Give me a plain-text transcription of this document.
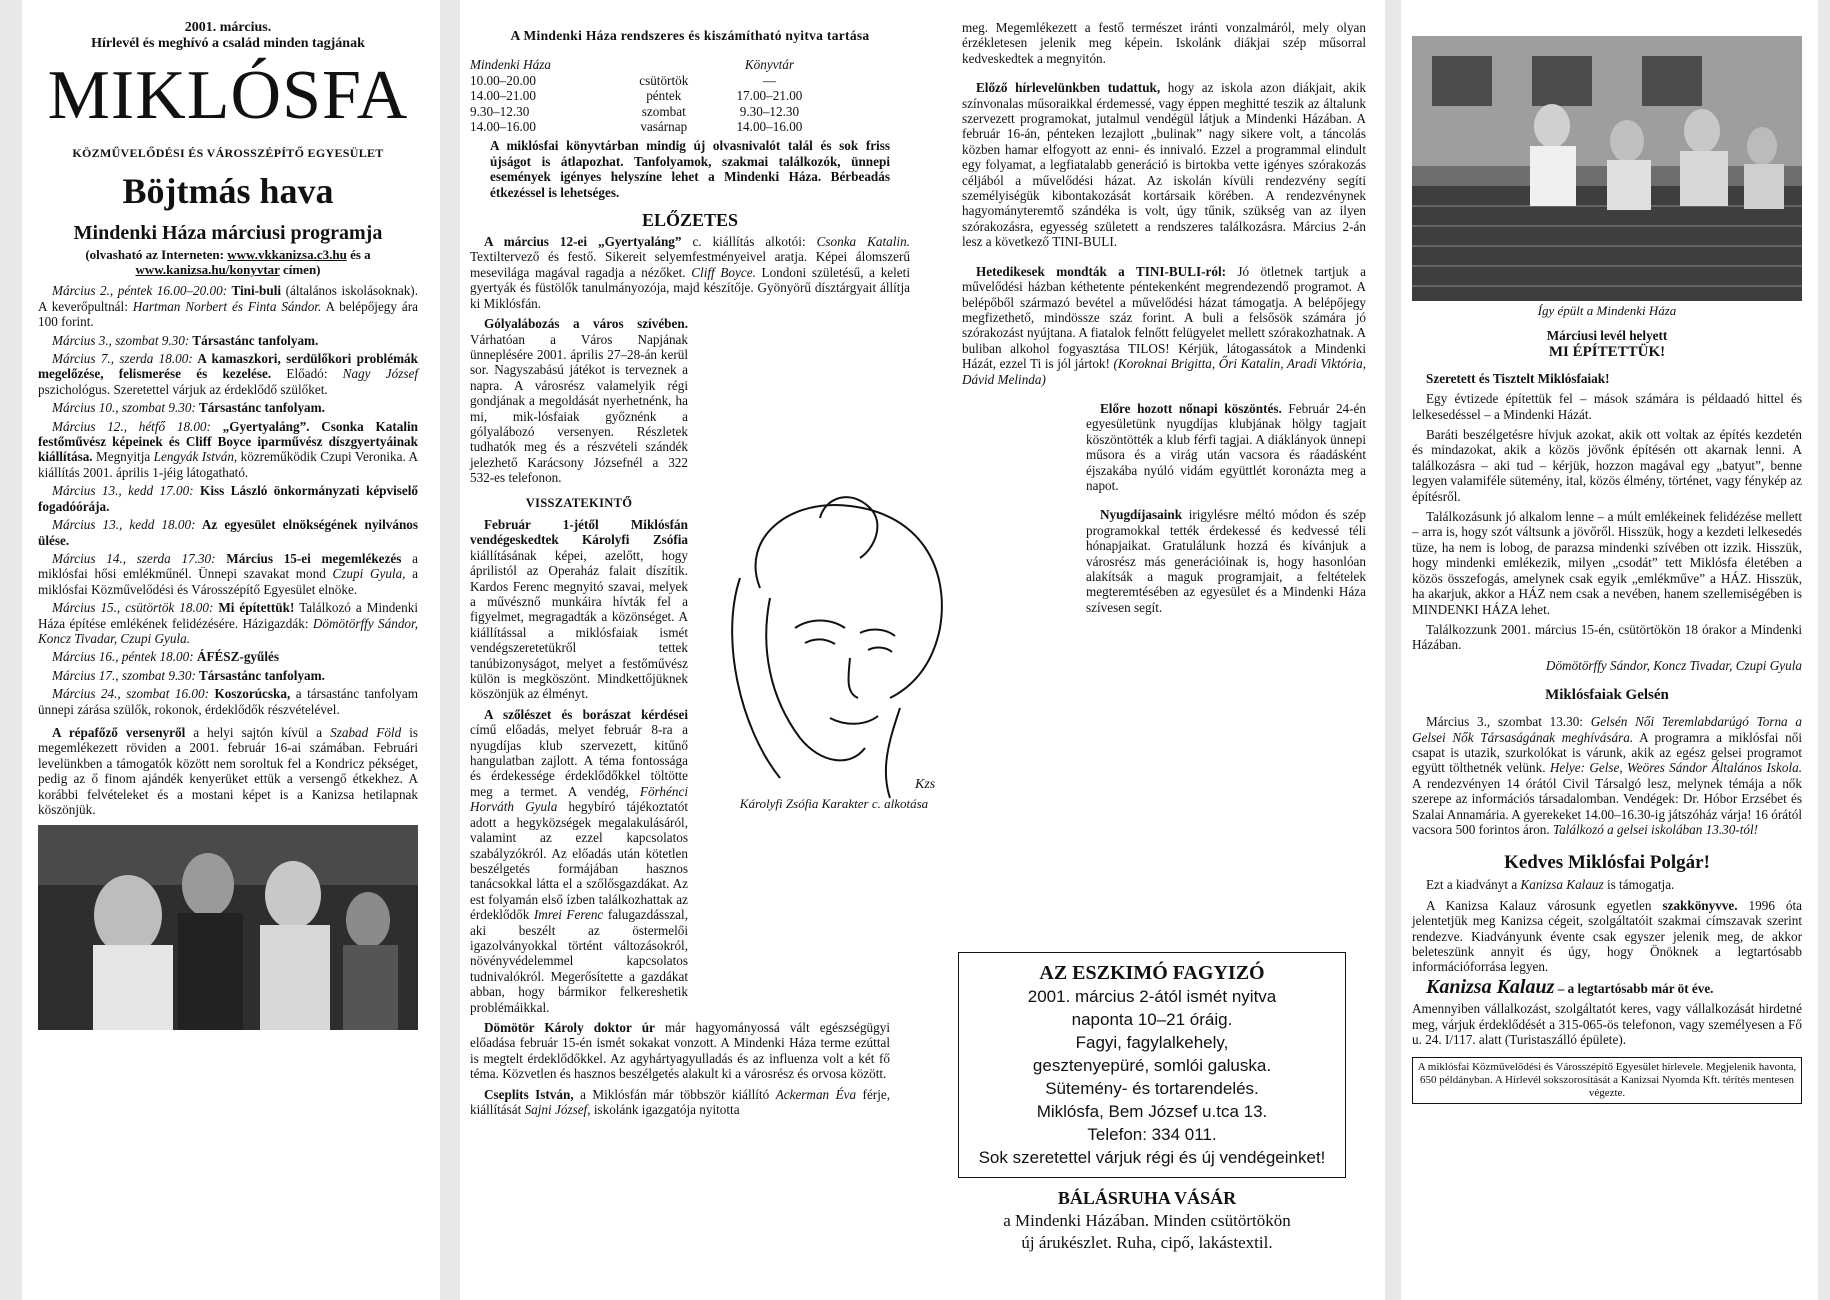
2001. március.
Hírlevél és meghívó a család minden tagjának
MIKLÓSFA
KÖZMŰVELŐDÉSI ÉS VÁROSSZÉPÍTŐ EGYESÜLET
Böjtmás hava
Mindenki Háza márciusi programja
(olvasható az Interneten: www.vkkanizsa.c3.hu és a
www.kanizsa.hu/konyvtar címen)

Március 2., péntek 16.00–20.00: Tini-buli (általános iskolásoknak). A keverőpultnál: Hartman Norbert és Finta Sándor. A belépőjegy ára 100 forint.

Március 3., szombat 9.30: Társastánc tanfolyam.

Március 7., szerda 18.00: A kamaszkori, serdülőkori problémák megelőzése, felismerése és kezelése. Előadó: Nagy József pszichológus. Szeretettel várjuk az érdeklődő szülőket.

Március 10., szombat 9.30: Társastánc tanfolyam.

Március 12., hétfő 18.00: „Gyertyaláng”. Csonka Katalin festőművész képeinek és Cliff Boyce iparművész díszgyertyáinak kiállítása. Megnyitja Lengyák István, közreműködik Czupi Veronika. A kiállítás 2001. április 1-jéig látogatható.

Március 13., kedd 17.00: Kiss László önkormányzati képviselő fogadóórája.

Március 13., kedd 18.00: Az egyesület elnökségének nyilvános ülése.

Március 14., szerda 17.30: Március 15-ei megemlékezés a miklósfai hősi emlékműnél. Ünnepi szavakat mond Czupi Gyula, a miklósfai Közművelődési és Városszépítő Egyesület elnöke.

Március 15., csütörtök 18.00: Mi építettük! Találkozó a Mindenki Háza építése emlékének felidézésére. Házigazdák: Dömötörffy Sándor, Koncz Tivadar, Czupi Gyula.

Március 16., péntek 18.00: ÁFÉSZ-gyűlés

Március 17., szombat 9.30: Társastánc tanfolyam.

Március 24., szombat 16.00: Koszorúcska, a társastánc tanfolyam ünnepi zárása szülők, rokonok, érdeklődők részvételével.

A répafőző versenyről a helyi sajtón kívül a Szabad Föld is megemlékezett röviden a 2001. február 16-ai számában. Februári levelünkben a támogatók között nem soroltuk fel a Kondricz pékséget, pedig az ő finom ajándék kenyerüket ettük a versengő étkekhez. A korábbi felvételeket és a mostani képet is a Kanizsa hetilapnak köszönjük.

A Mindenki Háza rendszeres és kiszámítható nyitva tartása
Mindenki Háza		Könyvtár
10.00–20.00	csütörtök	—
14.00–21.00	péntek	17.00–21.00
9.30–12.30	szombat	9.30–12.30
14.00–16.00	vasárnap	14.00–16.00

A miklósfai könyvtárban mindig új olvasnivalót talál és sok friss újságot is átlapozhat. Tanfolyamok, szakmai találkozók, ünnepi események igényes helyszíne lehet a Mindenki Háza. Bérbeadás étkezéssel is lehetséges.

ELŐZETES

A március 12-ei „Gyertyaláng” c. kiállítás alkotói: Csonka Katalin. Textiltervező és festő. Sikereit selyemfestményeivel aratja. Képei álomszerű mesevilága magával ragadja a nézőket. Cliff Boyce. Londoni születésű, a keleti gyertyák és füstölők tanulmányozója, majd készítője. Gyönyörű dísztárgyait állítja ki Miklósfán.

Gólyalábozás a város szívében. Várhatóan a Város Napjának ünneplésére 2001. április 27–28-án kerül sor. Nagyszabású játékot is terveznek a napra. A városrész valamelyik régi gondjának a megoldását nyerhetnénk, ha mi, mik-lósfaiak győznénk a gólyalábozó versenyen. Részletek tudhatók meg és a részvételi szándék jelezhető Karácsony Józsefnél a 322 532-es telefonon.

VISSZATEKINTŐ

Február 1-jétől Miklósfán vendégeskedtek Károlyfi Zsófia kiállításának képei, azelőtt, hogy áprilistól az Operaház falait díszítik. Kardos Ferenc megnyitó szavai, melyek a művésznő munkáira hívták fel a figyelmet, megragadták a közönséget. A kiállítással a miklósfaiak ismét vendégszeretetükről tettek tanúbizonyságot, melyet a festőművész külön is megköszönt. Mindkettőjüknek köszönjük az élményt.

A szőlészet és borászat kérdései című előadás, melyet február 8-ra a nyugdíjas klub szervezett, kitűnő hangulatban zajlott. A téma fontossága és érdekessége érdeklődőkkel töltötte meg a termet. A vendég, Förhénci Horváth Gyula hegybíró tájékoztatót adott a hegyközségek megalakulásáról, valamint az ezzel kapcsolatos szabályzókról. Az előadás után kötetlen beszélgetés formájában hasznos tanácsokkal látta el a szőlősgazdákat. Az est folyamán első ízben találkozhattak az érdeklődők Imrei Ferenc falugazdásszal, aki beszélt az östermelői igazolványokkal történt változásokról, növényvédelemmel kapcsolatos tudnivalókról. Megerősítette a gazdákat abban, hogy bármikor felkereshetik problémáikkal.

Dömötör Károly doktor úr már hagyományossá vált egészségügyi előadása február 15-én ismét sokakat vonzott. A Mindenki Háza terme ezúttal is megtelt érdeklődőkkel. Az agyhártyagyulladás és az influenza volt a két fő téma. Közvetlen és hasznos beszélgetés alakult ki a városrész és orvosa között.

Cseplits István, a Miklósfán már többször kiállító Ackerman Éva férje, kiállítását Sajni József, iskolánk igazgatója nyitotta

Kzs
Károlyfi Zsófia Karakter c. alkotása

meg. Megemlékezett a festő természet iránti vonzalmáról, mely olyan érzékletesen jelenik meg képein. Iskolánk diákjai szép műsorral kedveskedtek a megnyitón.

Előző hírlevelünkben tudattuk, hogy az iskola azon diákjait, akik színvonalas műsoraikkal érdemessé, vagy éppen meghitté teszik az általunk szervezett programokat, jutalmul vendégül látjuk a Mindenki Házában. A február 16-án, pénteken lezajlott „bulinak” nagy sikere volt, a táncolás közben hamar elfogyott az enni- és innivaló. Ezzel a programmal elindult egy folyamat, a legfiatalabb generáció is birtokba vette igényes szórakozás céljából a művelődési házat. Az iskolán kívüli rendezvény segíti személyiségük kibontakozását kortársaik körében. A rendezvénynek hagyományteremtő szándéka is volt, úgy tűnik, szükség van az ilyen szórakozásra, egyesség született a rendszeres találkozásra. Március 2-án lesz a következő TINI-BULI.

Hetedikesek mondták a TINI-BULI-ról: Jó ötletnek tartjuk a művelődési házban kéthetente péntekenként megrendezendő programot. A belépőből származó bevétel a művelődési házat támogatja. A belépőjegy megfizethető, mindössze száz forint. A buli a felsősök számára jó szórakozást nyújtana. A fiatalok felnőtt felügyelet mellett szórakozhatnak. A buliban alkohol fogyasztása TILOS! Kérjük, látogassátok a Mindenki Házát, ezzel Ti is jól jártok! (Koroknai Brigitta, Őri Katalin, Aradi Viktória, Dávid Melinda)

Előre hozott nőnapi köszöntés. Február 24-én egyesületünk nyugdíjas klubjának hölgy tagjait köszöntötték a klub férfi tagjai. A diáklányok ünnepi műsora és a virág után vacsora és ráadásként éjszakába nyúló vidám együttlét koronázta meg a napot.

Nyugdíjasaink irigylésre méltó módon és szép programokkal tették érdekessé és kedvessé téli hónapjaikat. Gratulálunk hozzá és kívánjuk a városrész más generációinak is, hogy hasonlóan alakítsák a maguk programjait, a feltételek megteremtésében az egyesület és a Mindenki Háza szívesen segít.

AZ ESZKIMÓ FAGYIZÓ
2001. március 2-ától ismét nyitva
naponta 10–21 óráig.
Fagyi, fagylalkehely,
gesztenyepüré, somlói galuska.
Sütemény- és tortarendelés.
Miklósfa, Bem József u.tca 13.
Telefon: 334 011.
Sok szeretettel várjuk régi és új vendégeinket!
BÁLÁSRUHA VÁSÁR
a Mindenki Házában. Minden csütörtökön
új árukészlet. Ruha, cipő, lakástextil.
Így épült a Mindenki Háza
Márciusi levél helyett
MI ÉPÍTETTÜK!

Szeretett és Tisztelt Miklósfaiak!

Egy évtizede építettük fel – mások számára is példaadó hittel és lelkesedéssel – a Mindenki Házát.

Baráti beszélgetésre hívjuk azokat, akik ott voltak az építés kezdetén és mindazokat, akik a közös jövőnk építésén ott akarnak lenni. A találkozásra – aki tud – kérjük, hozzon magával egy „batyut”, benne legyen valamiféle sütemény, ital, közös élmény, történet, vagy fénykép az építésről.

Találkozásunk jó alkalom lenne – a múlt emlékeinek felidézése mellett – arra is, hogy szót váltsunk a jövőről. Hisszük, hogy a kezdeti lelkesedés tüze, ha nem is lobog, de parazsa mindenki szívében ott izzik. Hisszük, hogy mindenki emlékezik, milyen „csodát” tett Miklósfa életében a közös összefogás, amelynek csak egyik „emlékműve” a HÁZ. Hisszük, ha akarjuk, akkor a HÁZ nem csak a nevében, hanem szellemiségében is MINDENKI HÁZA lehet.

Találkozzunk 2001. március 15-én, csütörtökön 18 órakor a Mindenki Házában.

Dömötörffy Sándor, Koncz Tivadar, Czupi Gyula

Miklósfaiak Gelsén

Március 3., szombat 13.30: Gelsén Női Teremlabdarúgó Torna a Gelsei Nők Társaságának meghívására. A programra a miklósfai női csapat is utazik, szurkolókat is várunk, akik az egész gelsei programot együtt tölthetnék velünk. Helye: Gelse, Weöres Sándor Általános Iskola. A rendezvényen 14 órától Civil Társalgó lesz, melynek témája a nők szerepe az információs társadalomban. Vendégek: Dr. Hóbor Erzsébet és Szalai Annamária. A gyerekeket 14.00–16.30-ig játszóház várja! 16 órától vacsora 500 forintos áron. Találkozó a gelsei iskolában 13.30-tól!

Kedves Miklósfai Polgár!

Ezt a kiadványt a Kanizsa Kalauz is támogatja.

A Kanizsa Kalauz városunk egyetlen szakkönyvve. 1996 óta jelentetjük meg Kanizsa cégeit, szolgáltatóit szakmai címszavak szerint rendezve. Kiadványunk évente csak egyszer jelenik meg, de akkor beleteszünk annyit és úgy, hogy Önöknek a legtartósabb információforrása legyen.

Kanizsa Kalauz – a legtartósabb már öt éve.

Amennyiben vállalkozást, szolgáltatót keres, vagy vállalkozását hirdetné meg, várjuk érdeklődését a 315-065-ös telefonon, vagy személyesen a Fő u. 24. I/117. alatt (Turistaszálló épülete).

A miklósfai Közművelődési és Városszépítő Egyesület hírlevele. Megjelenik havonta, 650 példányban. A Hírlevél sokszorosítását a Kanizsai Nyomda Kft. térítés mentesen végezte.
